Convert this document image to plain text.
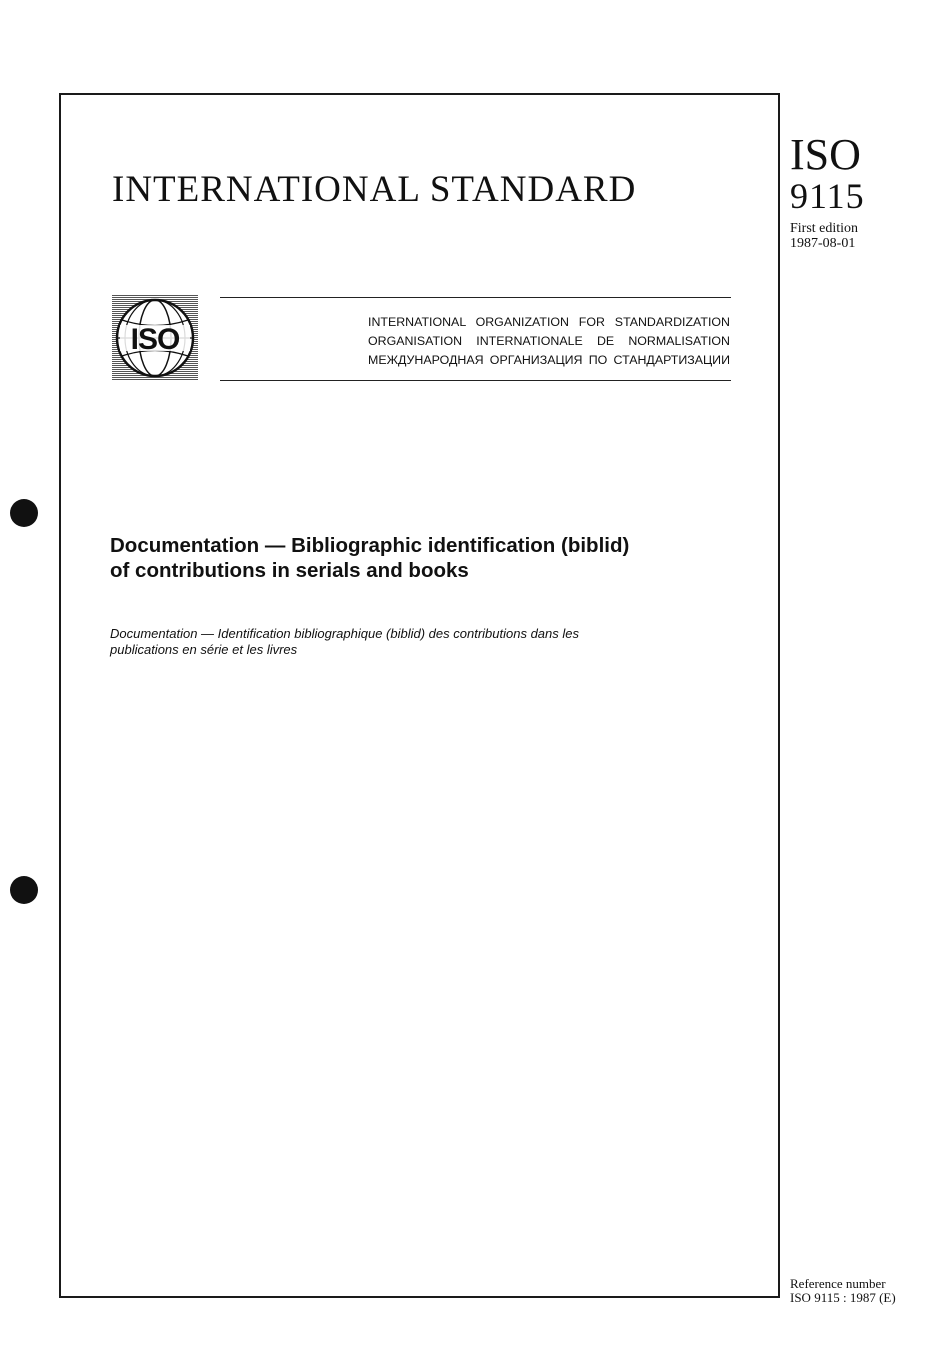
INTERNATIONAL STANDARD
ISO
9115
First edition
1987-08-01
ISO
INTERNATIONAL ORGANIZATION FOR STANDARDIZATION
ORGANISATION INTERNATIONALE DE NORMALISATION
МЕЖДУНАРОДНАЯ ОРГАНИЗАЦИЯ ПО СТАНДАРТИЗАЦИИ
Documentation — Bibliographic identification (biblid)
of contributions in serials and books
Documentation — Identification bibliographique (biblid) des contributions dans les
publications en série et les livres
Reference number
ISO 9115 : 1987 (E)
